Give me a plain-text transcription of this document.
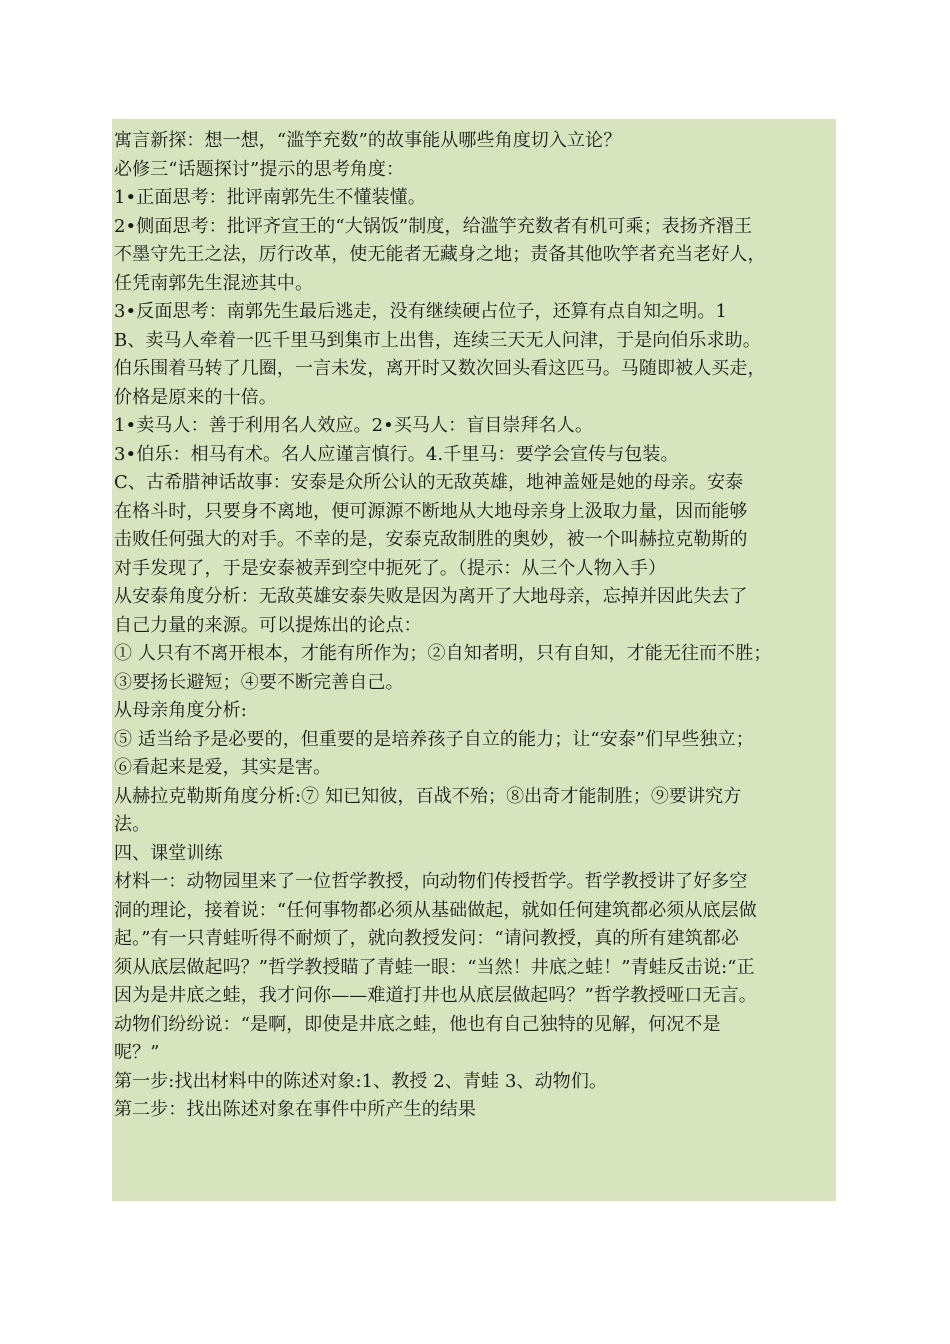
寓言新探：想一想，“滥竽充数”的故事能从哪些角度切入立论？
必修三“话题探讨”提示的思考角度：
1•正面思考：批评南郭先生不懂装懂。
2•侧面思考：批评齐宣王的“大锅饭”制度，给滥竽充数者有机可乘；表扬齐湣王
不墨守先王之法，厉行改革，使无能者无藏身之地；责备其他吹竽者充当老好人，
任凭南郭先生混迹其中。
3•反面思考：南郭先生最后逃走，没有继续硬占位子，还算有点自知之明。1
B、卖马人牵着一匹千里马到集市上出售，连续三天无人问津，于是向伯乐求助。
伯乐围着马转了几圈，一言未发，离开时又数次回头看这匹马。马随即被人买走，
价格是原来的十倍。
1•卖马人：善于利用名人效应。2•买马人：盲目崇拜名人。
3•伯乐：相马有术。名人应谨言慎行。4.千里马：要学会宣传与包装。
C、古希腊神话故事：安泰是众所公认的无敌英雄，地神盖娅是她的母亲。安泰
在格斗时，只要身不离地，便可源源不断地从大地母亲身上汲取力量，因而能够
击败任何强大的对手。不幸的是，安泰克敌制胜的奥妙，被一个叫赫拉克勒斯的
对手发现了，于是安泰被弄到空中扼死了。（提示：从三个人物入手）
从安泰角度分析：无敌英雄安泰失败是因为离开了大地母亲，忘掉并因此失去了
自己力量的来源。可以提炼出的论点：
① 人只有不离开根本，才能有所作为；②自知者明，只有自知，才能无往而不胜；
③要扬长避短；④要不断完善自己。
从母亲角度分析:
⑤ 适当给予是必要的，但重要的是培养孩子自立的能力；让“安泰”们早些独立；
⑥看起来是爱，其实是害。
从赫拉克勒斯角度分析:⑦ 知已知彼，百战不殆；⑧出奇才能制胜；⑨要讲究方
法。
四、课堂训练
材料一：动物园里来了一位哲学教授，向动物们传授哲学。哲学教授讲了好多空
洞的理论，接着说：“任何事物都必须从基础做起，就如任何建筑都必须从底层做
起。”有一只青蛙听得不耐烦了，就向教授发问：“请问教授，真的所有建筑都必
须从底层做起吗？”哲学教授瞄了青蛙一眼：“当然！井底之蛙！”青蛙反击说:“正
因为是井底之蛙，我才问你——难道打井也从底层做起吗？”哲学教授哑口无言。
动物们纷纷说：“是啊，即使是井底之蛙，他也有自己独特的见解，何况不是
呢？”
第一步:找出材料中的陈述对象:1、教授 2、青蛙 3、动物们。
第二步：找出陈述对象在事件中所产生的结果
